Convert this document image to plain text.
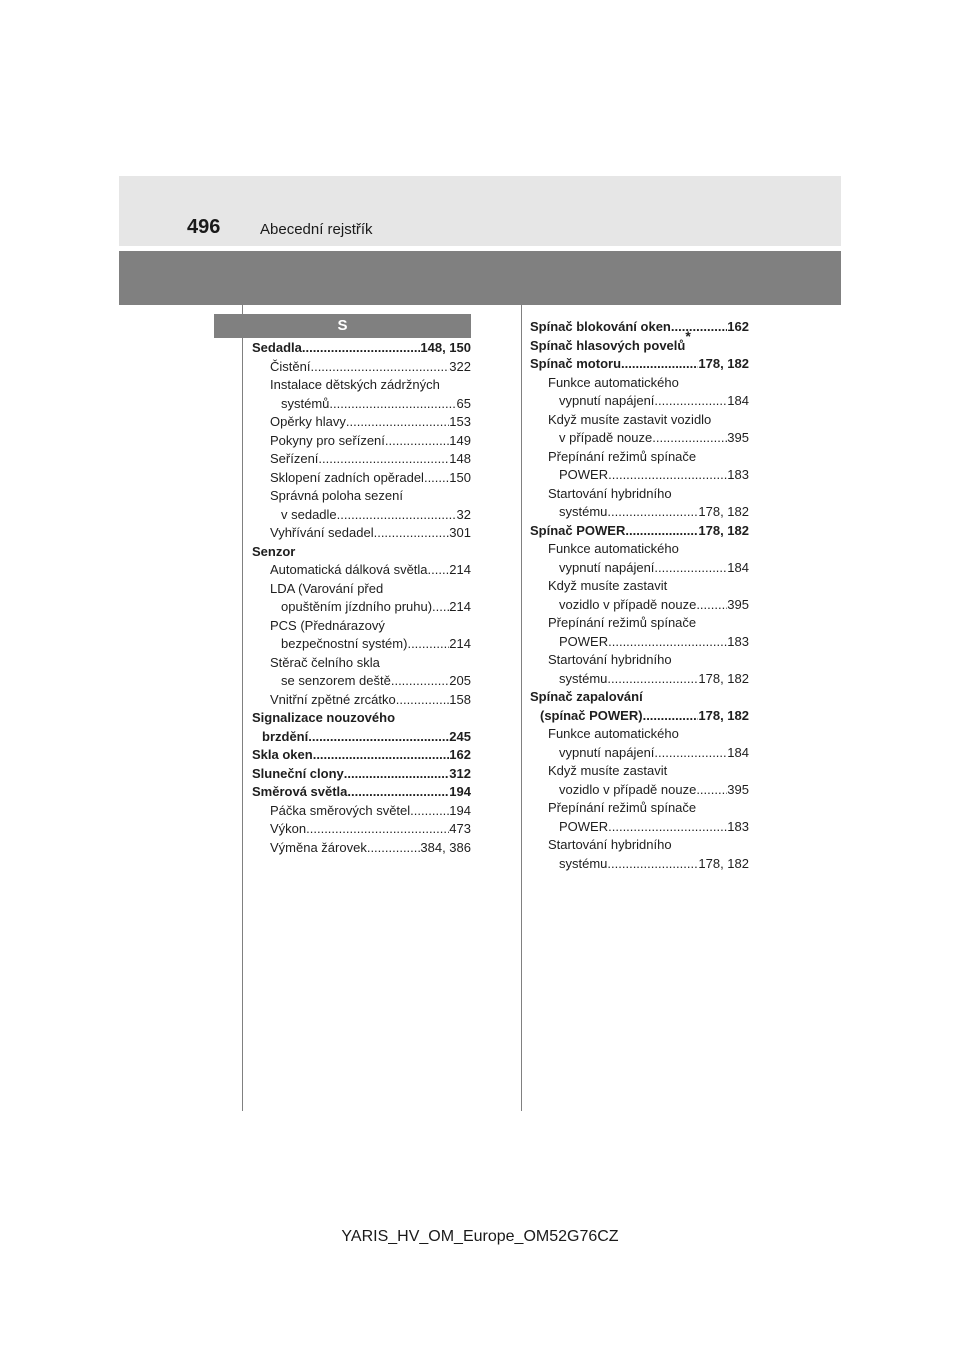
496	Abecední rejstřík
S
Sedadla .....	148, 150
Čistění .....	322
Instalace dětských zádržných
systémů .....	65
Opěrky hlavy .....	153
Pokyny pro seřízení .....	149
Seřízení .....	148
Sklopení zadních opěradel ..... 150
Správná poloha sezení
v sedadle .....	32
Vyhřívání sedadel .....	301
Senzor
Automatická dálková světla ..... 214
LDA (Varování před
opuštěním jízdního pruhu) ..... 214
PCS (Přednárazový
bezpečnostní systém) .....	214
Stěrač čelního skla
se senzorem deště .....	205
Vnitřní zpětné zrcátko .....	158
Signalizace nouzového
brzdění .....	245
Skla oken .....	162
Sluneční clony .....	312
Směrová světla .....	194
Páčka směrových světel .....	194
Výkon .....	473
Výměna žárovek .....	384, 386
Spínač blokování oken .....	162
Spínač hlasových povelů
*
Spínač motoru .....	178, 182
Funkce automatického
vypnutí napájení .....	184
Když musíte zastavit vozidlo
v případě nouze .....	395
Přepínání režimů spínače
POWER .....	183
Startování hybridního
systému .....	178, 182
Spínač POWER .....	178, 182
Funkce automatického
vypnutí napájení .....	184
Když musíte zastavit
vozidlo v případě nouze ..... 395
Přepínání režimů spínače
POWER .....	183
Startování hybridního
systému .....	178, 182
Spínač zapalování
(spínač POWER) .....	178, 182
Funkce automatického
vypnutí napájení .....	184
Když musíte zastavit
vozidlo v případě nouze ..... 395
Přepínání režimů spínače
POWER .....	183
Startování hybridního
systému .....	178, 182
YARIS_HV_OM_Europe_OM52G76CZ
